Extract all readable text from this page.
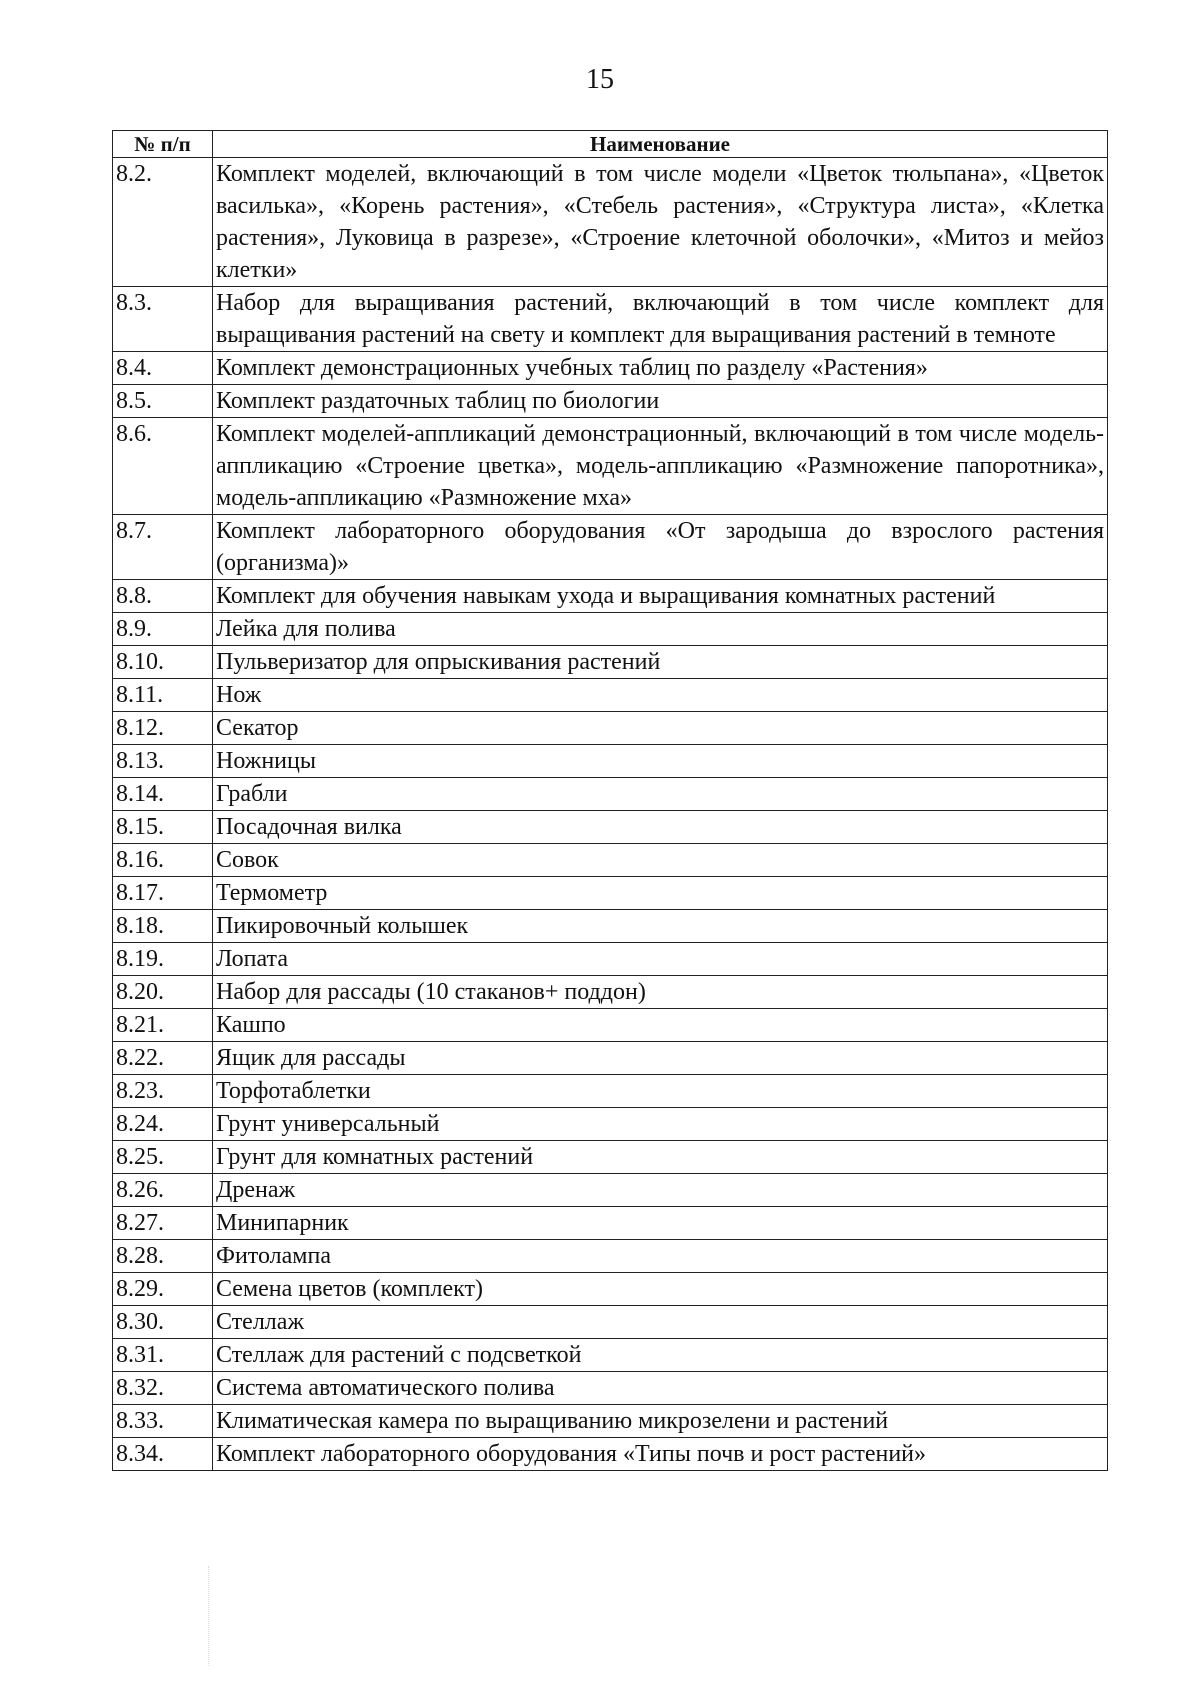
15
№ п/п	Наименование
8.2.	Комплект моделей, включающий в том числе модели «Цветок тюльпана», «Цветок василька», «Корень растения», «Стебель растения», «Структура листа», «Клетка растения», Луковица в разрезе», «Строение клеточной оболочки», «Митоз и мейоз клетки»
8.3.	Набор для выращивания растений, включающий в том числе комплект для выращивания растений на свету и комплект для выращивания растений в темноте
8.4.	Комплект демонстрационных учебных таблиц по разделу «Растения»
8.5.	Комплект раздаточных таблиц по биологии
8.6.	Комплект моделей-аппликаций демонстрационный, включающий в том числе модель-аппликацию «Строение цветка», модель-аппликацию «Размножение папоротника», модель-аппликацию «Размножение мха»
8.7.	Комплект лабораторного оборудования «От зародыша до взрослого растения (организма)»
8.8.	Комплект для обучения навыкам ухода и выращивания комнатных растений
8.9.	Лейка для полива
8.10.	Пульверизатор для опрыскивания растений
8.11.	Нож
8.12.	Секатор
8.13.	Ножницы
8.14.	Грабли
8.15.	Посадочная вилка
8.16.	Совок
8.17.	Термометр
8.18.	Пикировочный колышек
8.19.	Лопата
8.20.	Набор для рассады (10 стаканов+ поддон)
8.21.	Кашпо
8.22.	Ящик для рассады
8.23.	Торфотаблетки
8.24.	Грунт универсальный
8.25.	Грунт для комнатных растений
8.26.	Дренаж
8.27.	Минипарник
8.28.	Фитолампа
8.29.	Семена цветов (комплект)
8.30.	Стеллаж
8.31.	Стеллаж для растений с подсветкой
8.32.	Система автоматического полива
8.33.	Климатическая камера по выращиванию микрозелени и растений
8.34.	Комплект лабораторного оборудования «Типы почв и рост растений»
